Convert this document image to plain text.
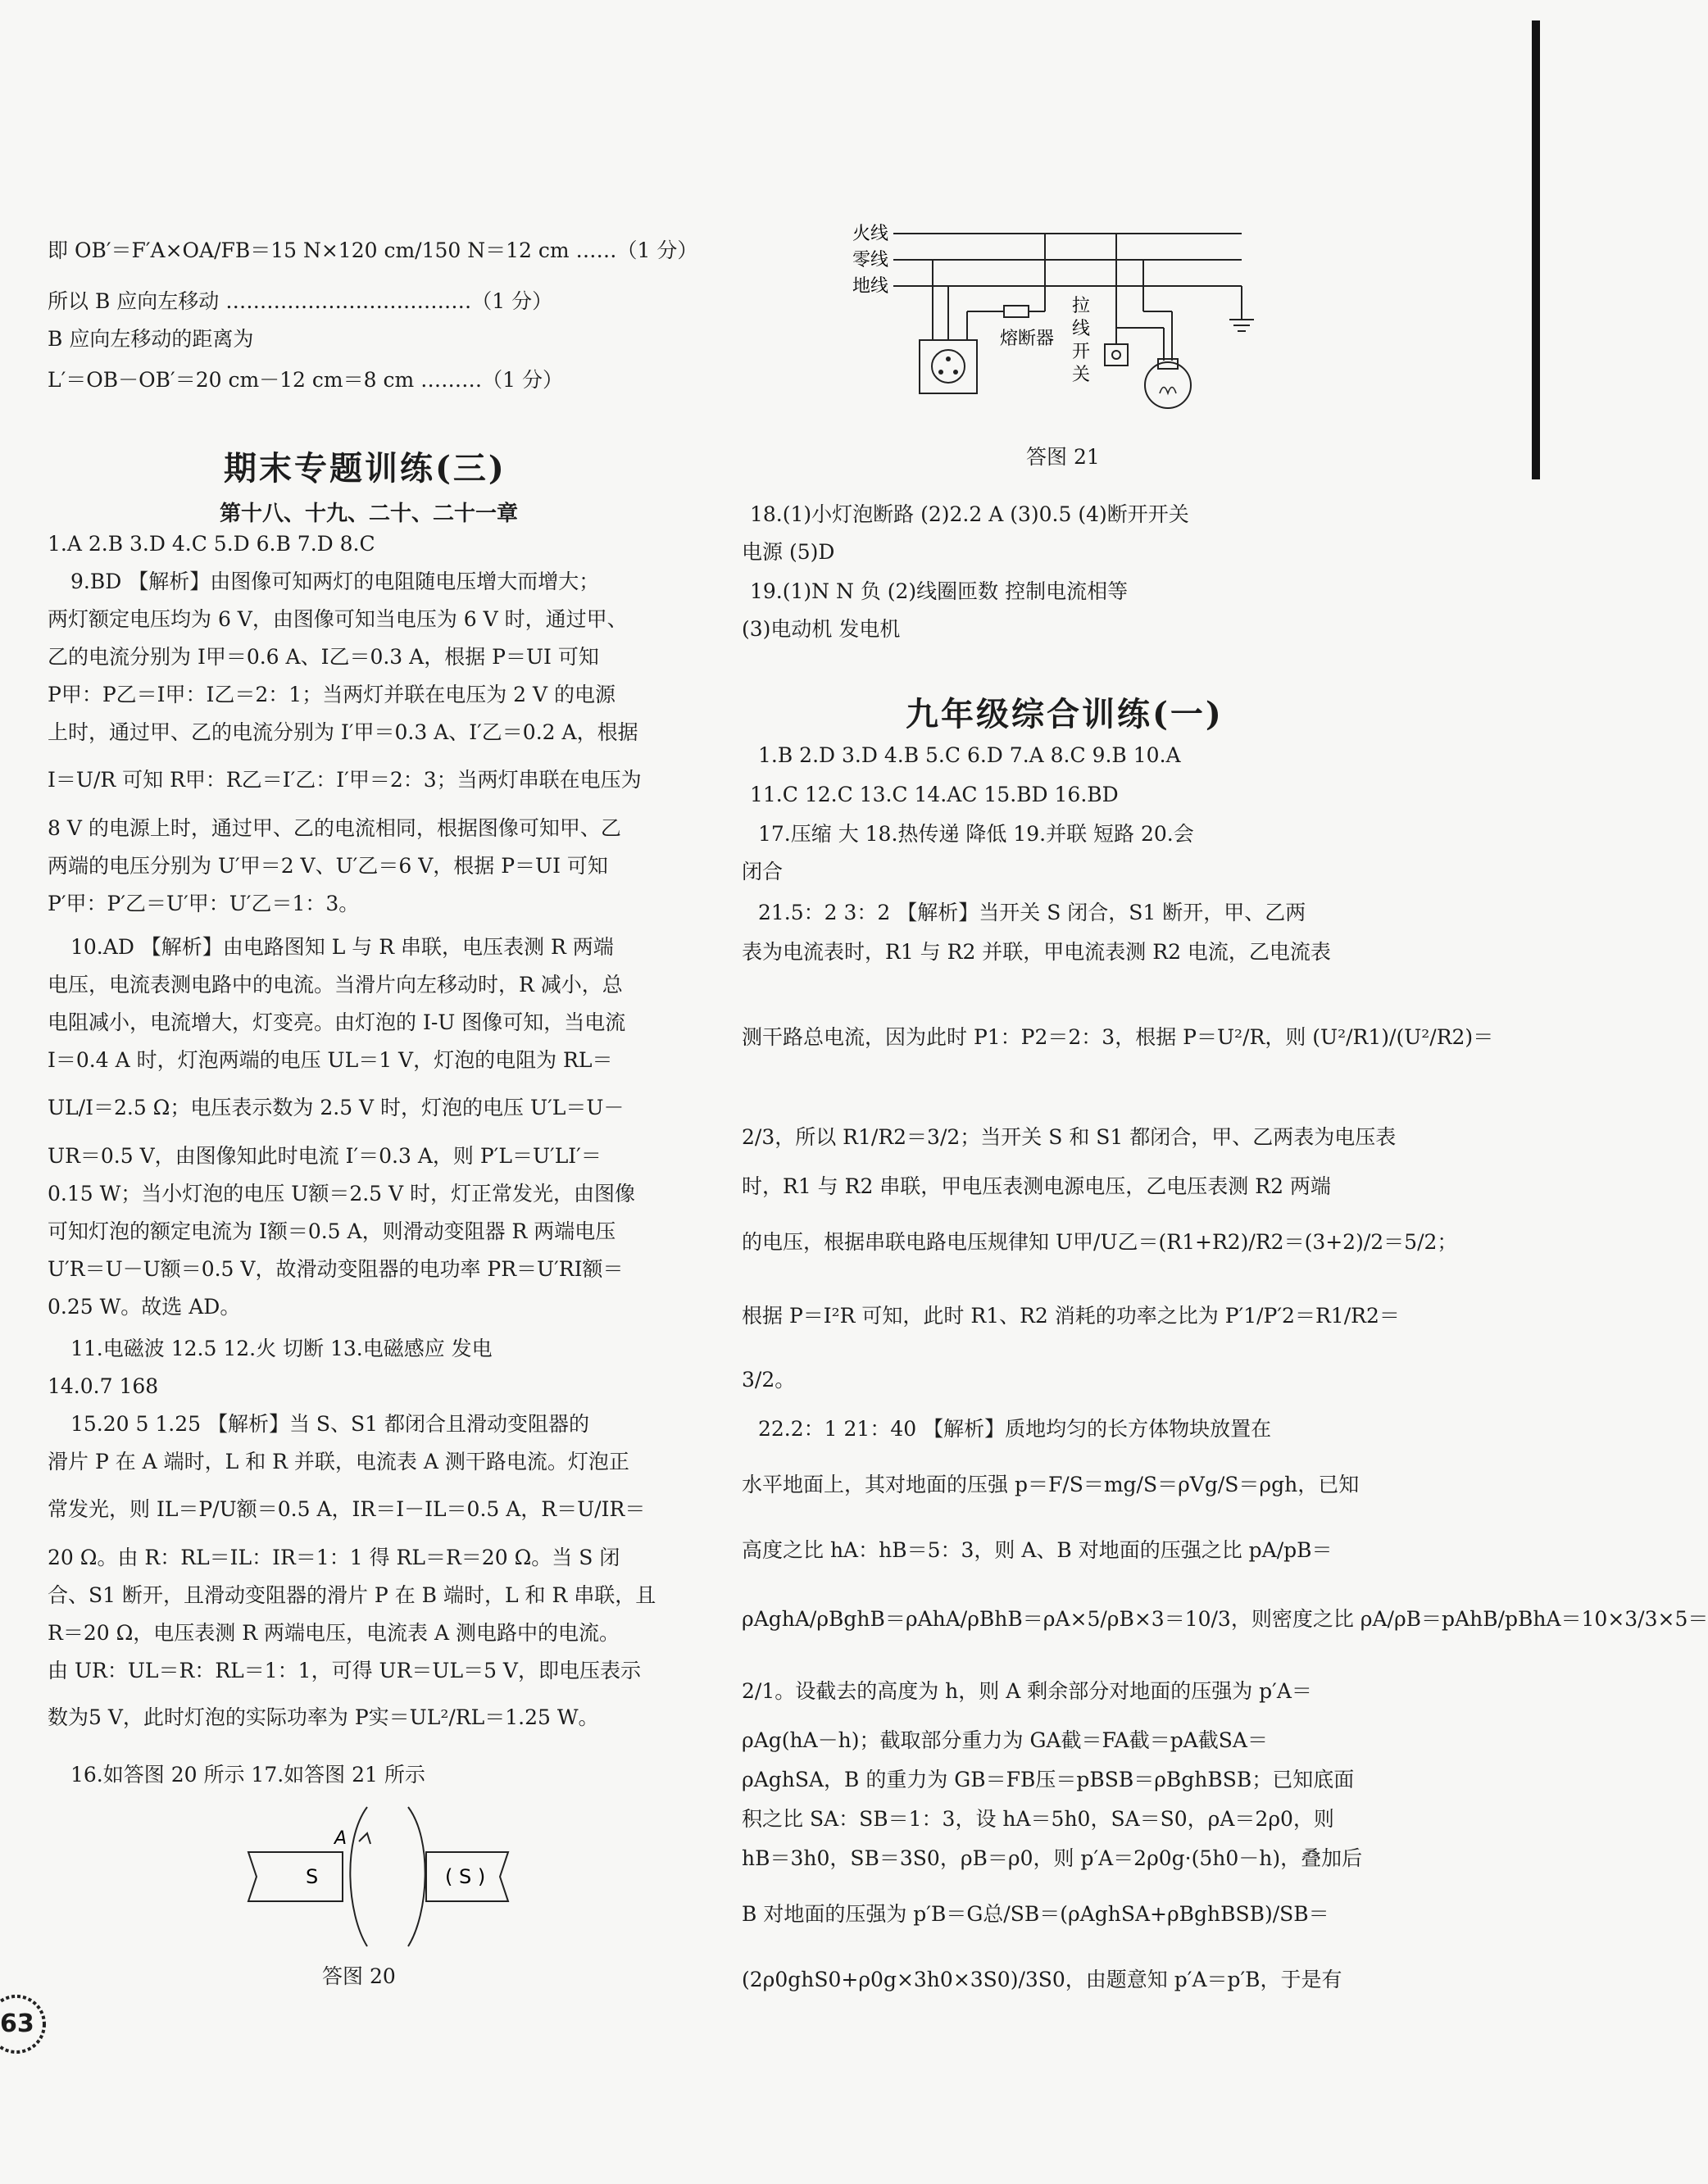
即 OB′＝F′A×OA/FB＝15 N×120 cm/150 N＝12 cm ……（1 分）
所以 B 应向左移动 ………………………………（1 分）
B 应向左移动的距离为
L′＝OB－OB′＝20 cm－12 cm＝8 cm ………（1 分）
期末专题训练(三)
第十八、十九、二十、二十一章
1.A 2.B 3.D 4.C 5.D 6.B 7.D 8.C
9.BD 【解析】由图像可知两灯的电阻随电压增大而增大；
两灯额定电压均为 6 V，由图像可知当电压为 6 V 时，通过甲、
乙的电流分别为 I甲＝0.6 A、I乙＝0.3 A，根据 P＝UI 可知
P甲：P乙＝I甲：I乙＝2：1；当两灯并联在电压为 2 V 的电源
上时，通过甲、乙的电流分别为 I′甲＝0.3 A、I′乙＝0.2 A，根据
I＝U/R 可知 R甲：R乙＝I′乙：I′甲＝2：3；当两灯串联在电压为
8 V 的电源上时，通过甲、乙的电流相同，根据图像可知甲、乙
两端的电压分别为 U′甲＝2 V、U′乙＝6 V，根据 P＝UI 可知
P′甲：P′乙＝U′甲：U′乙＝1：3。
10.AD 【解析】由电路图知 L 与 R 串联，电压表测 R 两端
电压，电流表测电路中的电流。当滑片向左移动时，R 减小，总
电阻减小，电流增大，灯变亮。由灯泡的 I-U 图像可知，当电流
I＝0.4 A 时，灯泡两端的电压 UL＝1 V，灯泡的电阻为 RL＝
UL/I＝2.5 Ω；电压表示数为 2.5 V 时，灯泡的电压 U′L＝U－
UR＝0.5 V，由图像知此时电流 I′＝0.3 A，则 P′L＝U′LI′＝
0.15 W；当小灯泡的电压 U额＝2.5 V 时，灯正常发光，由图像
可知灯泡的额定电流为 I额＝0.5 A，则滑动变阻器 R 两端电压
U′R＝U－U额＝0.5 V，故滑动变阻器的电功率 PR＝U′RI额＝
0.25 W。故选 AD。
11.电磁波 12.5 12.火 切断 13.电磁感应 发电
14.0.7 168
15.20 5 1.25 【解析】当 S、S1 都闭合且滑动变阻器的
滑片 P 在 A 端时，L 和 R 并联，电流表 A 测干路电流。灯泡正
常发光，则 IL＝P/U额＝0.5 A，IR＝I－IL＝0.5 A，R＝U/IR＝
20 Ω。由 R：RL＝IL：IR＝1：1 得 RL＝R＝20 Ω。当 S 闭
合、S1 断开，且滑动变阻器的滑片 P 在 B 端时，L 和 R 串联，且
R＝20 Ω，电压表测 R 两端电压，电流表 A 测电路中的电流。
由 UR：UL＝R：RL＝1：1，可得 UR＝UL＝5 V，即电压表示
数为5 V，此时灯泡的实际功率为 P实＝UL²/RL＝1.25 W。
16.如答图 20 所示 17.如答图 21 所示
A
S	( S )
答图 20
火线
零线
地线
熔断器
拉
线
开
关
答图 21
18.(1)小灯泡断路 (2)2.2 A (3)0.5 (4)断开开关
电源 (5)D
19.(1)N N 负 (2)线圈匝数 控制电流相等
(3)电动机 发电机
九年级综合训练(一)
1.B 2.D 3.D 4.B 5.C 6.D 7.A 8.C 9.B 10.A
11.C 12.C 13.C 14.AC 15.BD 16.BD
17.压缩 大 18.热传递 降低 19.并联 短路 20.会
闭合
21.5：2 3：2 【解析】当开关 S 闭合，S1 断开，甲、乙两
表为电流表时，R1 与 R2 并联，甲电流表测 R2 电流，乙电流表
测干路总电流，因为此时 P1：P2＝2：3，根据 P＝U²/R，则 (U²/R1)/(U²/R2)＝
2/3，所以 R1/R2＝3/2；当开关 S 和 S1 都闭合，甲、乙两表为电压表
时，R1 与 R2 串联，甲电压表测电源电压，乙电压表测 R2 两端
的电压，根据串联电路电压规律知 U甲/U乙＝(R1+R2)/R2＝(3+2)/2＝5/2；
根据 P＝I²R 可知，此时 R1、R2 消耗的功率之比为 P′1/P′2＝R1/R2＝
3/2。
22.2：1 21：40 【解析】质地均匀的长方体物块放置在
水平地面上，其对地面的压强 p＝F/S＝mg/S＝ρVg/S＝ρgh，已知
高度之比 hA：hB＝5：3，则 A、B 对地面的压强之比 pA/pB＝
ρAghA/ρBghB＝ρAhA/ρBhB＝ρA×5/ρB×3＝10/3，则密度之比 ρA/ρB＝pAhB/pBhA＝10×3/3×5＝
2/1。设截去的高度为 h，则 A 剩余部分对地面的压强为 p′A＝
ρAg(hA－h)；截取部分重力为 GA截＝FA截＝pA截SA＝
ρAghSA，B 的重力为 GB＝FB压＝pBSB＝ρBghBSB；已知底面
积之比 SA：SB＝1：3，设 hA＝5h0，SA＝S0，ρA＝2ρ0，则
hB＝3h0，SB＝3S0，ρB＝ρ0，则 p′A＝2ρ0g·(5h0－h)，叠加后
B 对地面的压强为 p′B＝G总/SB＝(ρAghSA+ρBghBSB)/SB＝
(2ρ0ghS0+ρ0g×3h0×3S0)/3S0，由题意知 p′A＝p′B，于是有
63
